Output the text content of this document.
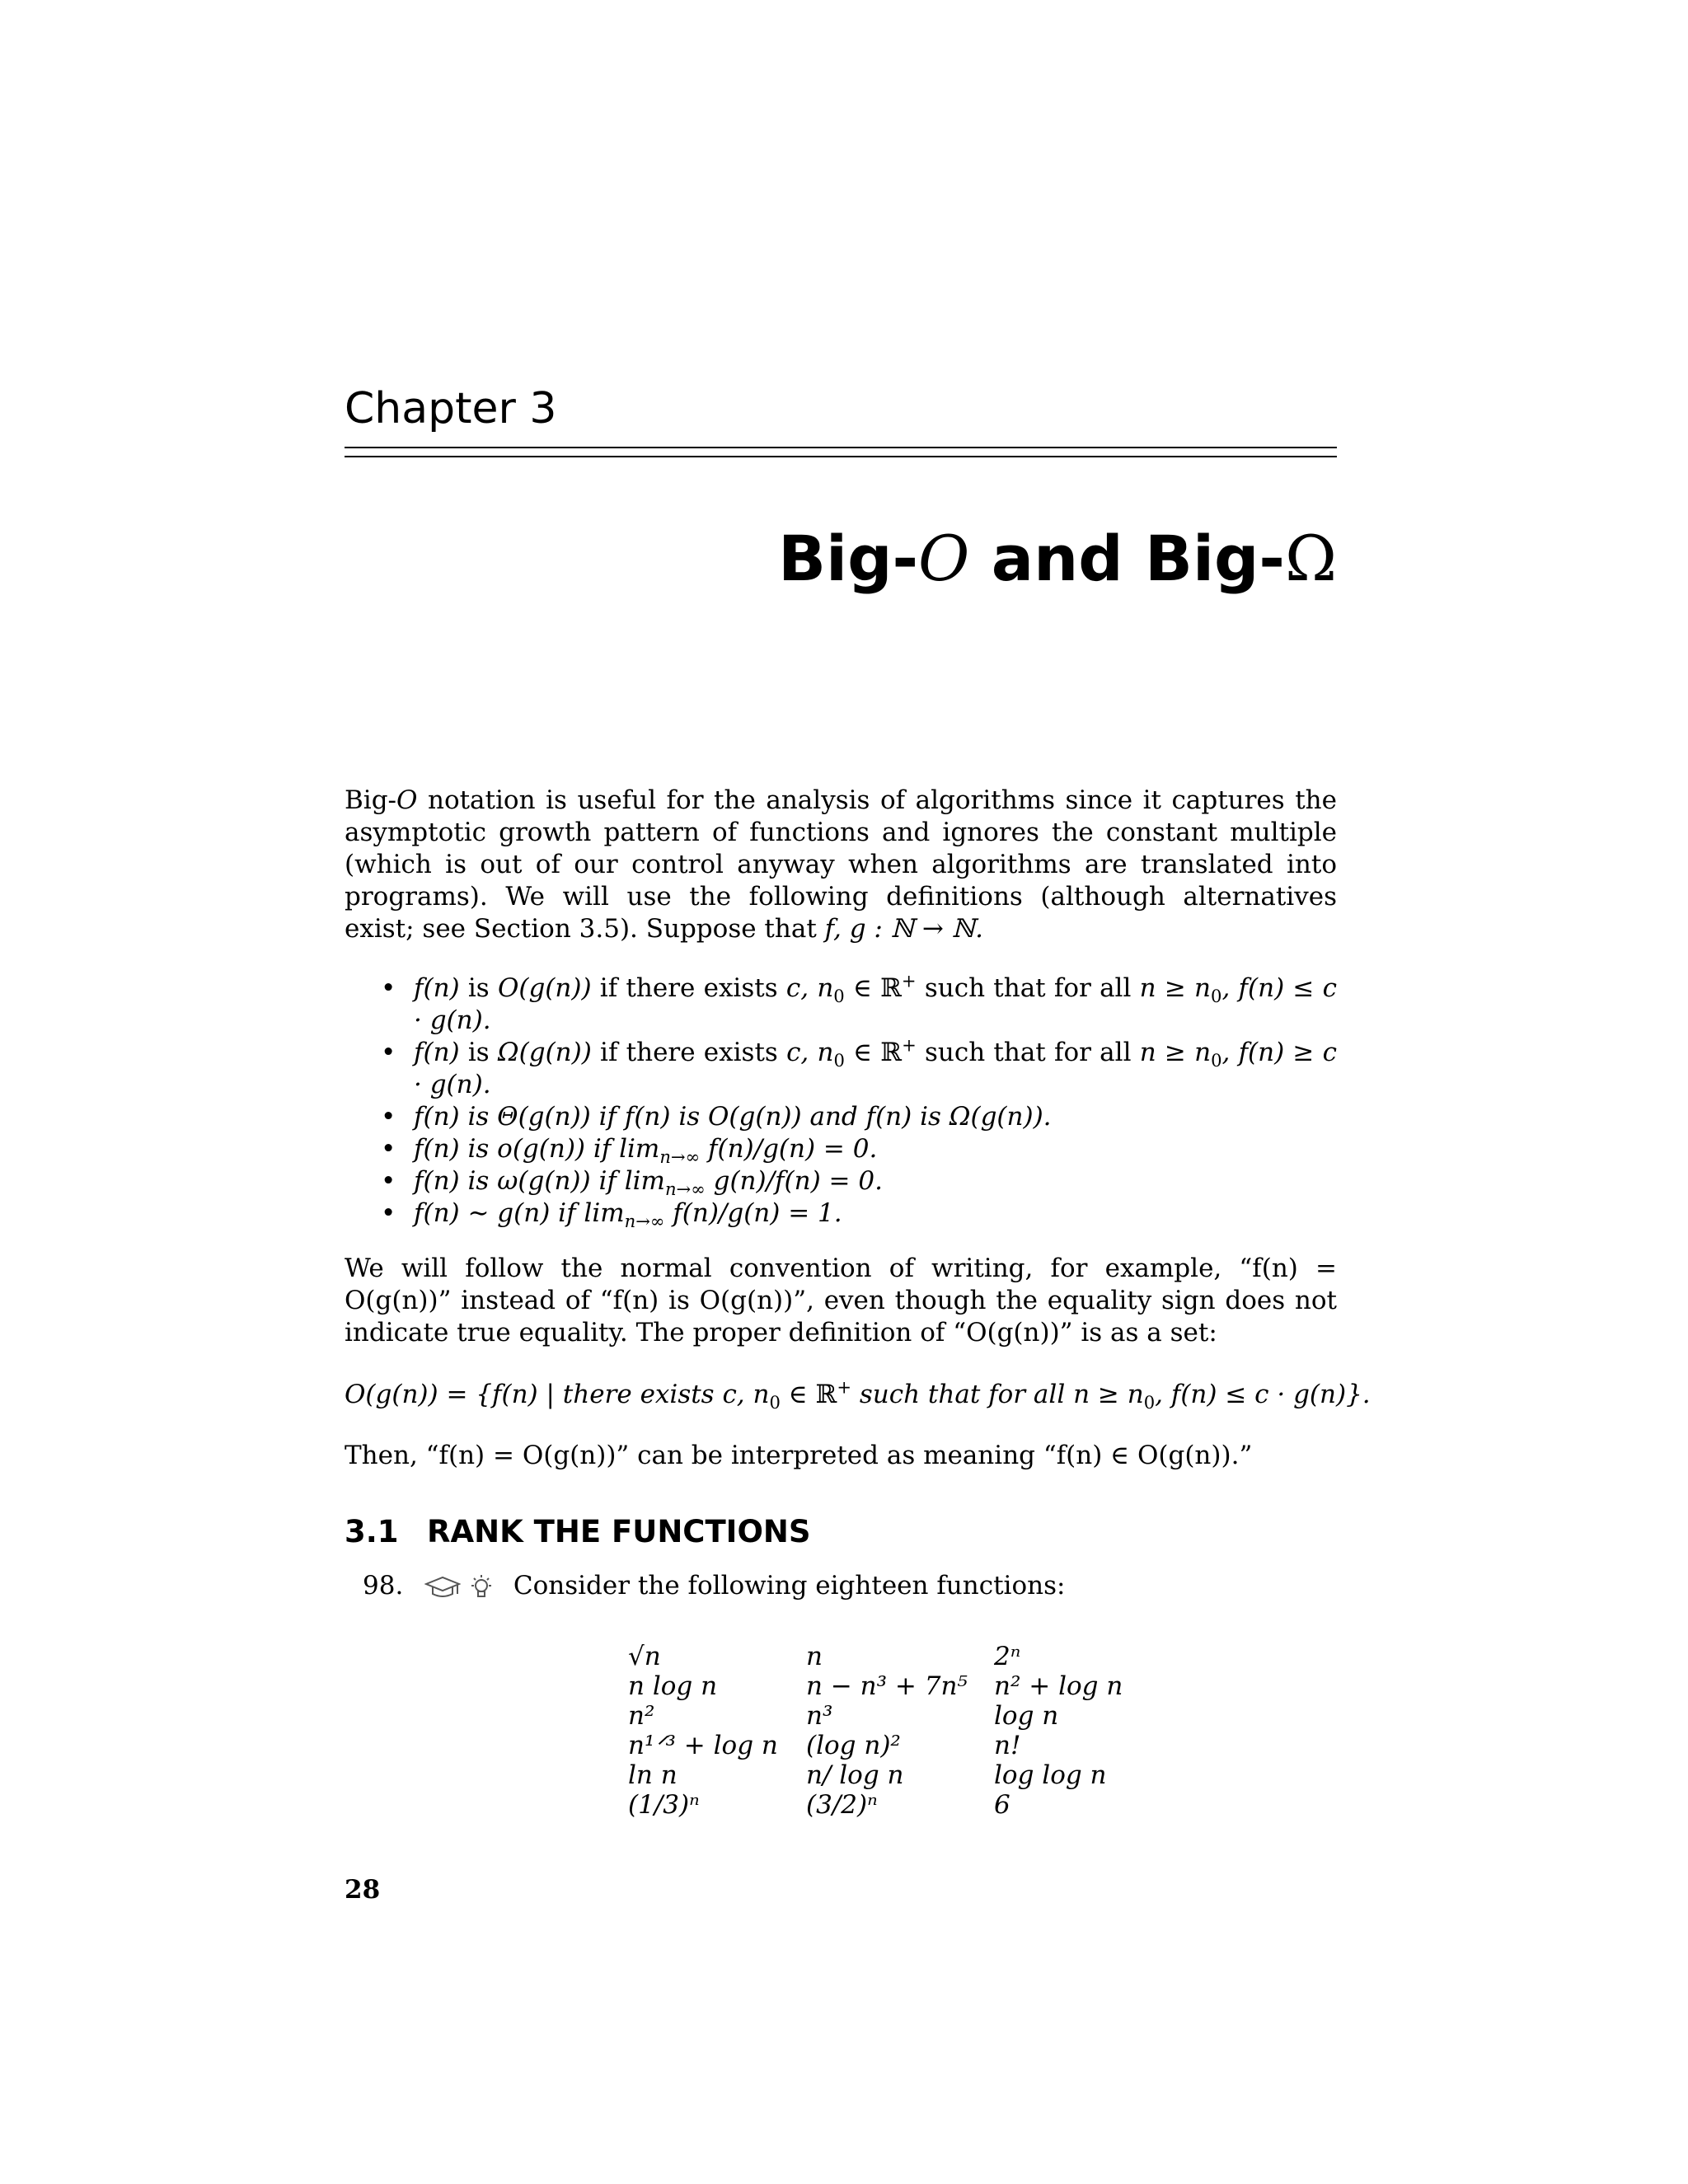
Chapter 3
Big-O and Big-Ω

Big-O notation is useful for the analysis of algorithms since it captures the asymptotic growth pattern of functions and ignores the constant multiple (which is out of our control anyway when algorithms are translated into programs). We will use the following definitions (although alternatives exist; see Section 3.5). Suppose that f, g : ℕ → ℕ.

• f(n) is O(g(n)) if there exists c, $n_0$ ∈ ℝ+ such that for all $n \ge n_0$, f(n) ≤ c · g(n).
• f(n) is Ω(g(n)) if there exists c, $n_0$ ∈ ℝ+ such that for all $n \ge n_0$, f(n) ≥ c · g(n).
• f(n) is Θ(g(n)) if f(n) is O(g(n)) and f(n) is Ω(g(n)).
• f(n) is o(g(n)) if $\lim_{n\to\infty} f(n)/g(n) = 0$.
• f(n) is ω(g(n)) if $\lim_{n\to\infty} g(n)/f(n) = 0$.
• f(n) ∼ g(n) if $\lim_{n\to\infty} f(n)/g(n) = 1$.

We will follow the normal convention of writing, for example, “f(n) = O(g(n))” instead of “f(n) is O(g(n))”, even though the equality sign does not indicate true equality. The proper definition of “O(g(n))” is as a set:

O(g(n)) = {f(n) | there exists c, $n_0$ ∈ ℝ+ such that for all $n \ge n_0$, f(n) ≤ c · g(n)}.
Then, “f(n) = O(g(n))” can be interpreted as meaning “f(n) ∈ O(g(n)).”
3.1 RANK THE FUNCTIONS
98.	Consider the following eighteen functions:
√n	n	2ⁿ
n log n	n − n³ + 7n⁵	n² + log n
n²	n³	log n
n¹ᐟ³ + log n	(log n)²	n!
ln n	n/ log n	log log n
(1/3)ⁿ	(3/2)ⁿ	6
28
